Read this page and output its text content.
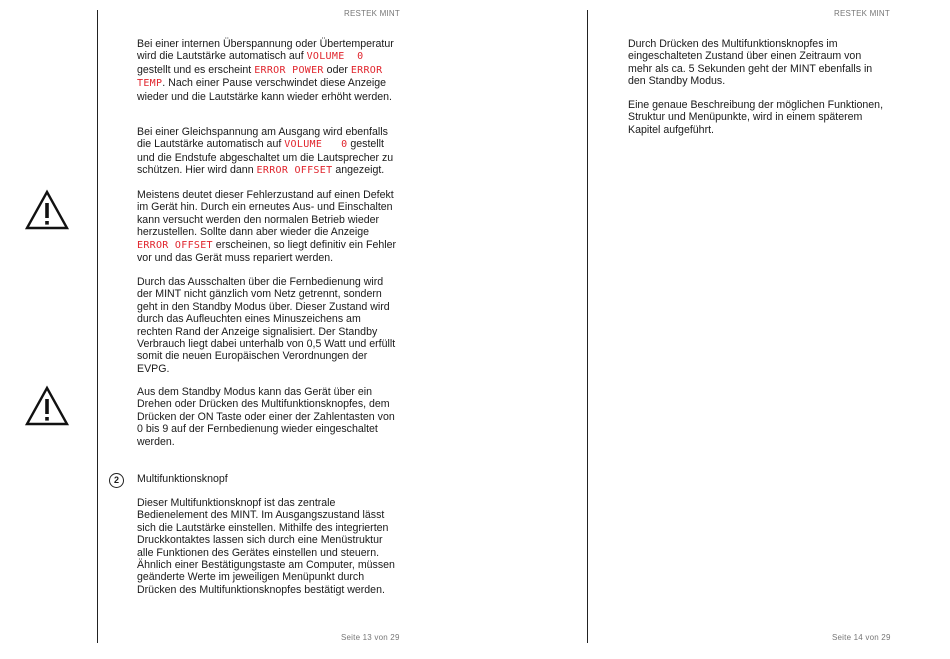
RESTEK MINT
Seite 13 von 29
RESTEK MINT
Seite 14 von 29

Bei einer internen Überspannung oder Übertemperatur wird die Lautstärke automatisch auf VOLUME  0 gestellt und es erscheint ERROR POWER oder ERROR TEMP. Nach einer Pause verschwindet diese Anzeige wieder und die Lautstärke kann wieder erhöht werden.

Bei einer Gleichspannung am Ausgang wird ebenfalls die Lautstärke automatisch auf VOLUME   0 gestellt und die Endstufe abgeschaltet um die Lautsprecher zu schützen. Hier wird dann ERROR OFFSET angezeigt.

Meistens deutet dieser Fehlerzustand auf einen Defekt im Gerät hin. Durch ein erneutes Aus- und Einschalten kann versucht werden den normalen Betrieb wieder herzustellen. Sollte dann aber wieder die Anzeige ERROR OFFSET erscheinen, so liegt definitiv ein Fehler vor und das Gerät muss repariert werden.

Durch das Ausschalten über die Fernbedienung wird der MINT nicht gänzlich vom Netz getrennt, sondern geht in den Standby Modus über. Dieser Zustand wird durch das Aufleuchten eines Minuszeichens am rechten Rand der Anzeige signalisiert. Der Standby Verbrauch liegt dabei unterhalb von 0,5 Watt und erfüllt somit die neuen Europäischen Verordnungen der EVPG.

Aus dem Standby Modus kann das Gerät über ein Drehen oder Drücken des Multifunktionsknopfes, dem Drücken der ON Taste oder einer der Zahlentasten von 0 bis 9 auf der Fernbedienung wieder eingeschaltet werden.

2	Multifunktionsknopf

Dieser Multifunktionsknopf ist das zentrale Bedienelement des MINT. Im Ausgangszustand lässt sich die Lautstärke einstellen. Mithilfe des integrierten Druckkontaktes lassen sich durch eine Menüstruktur alle Funktionen des Gerätes einstellen und steuern. Ähnlich einer Bestätigungstaste am Computer, müssen geänderte Werte im jeweiligen Menüpunkt durch Drücken des Multifunktionsknopfes bestätigt werden.

Durch Drücken des Multifunktionsknopfes im eingeschalteten Zustand über einen Zeitraum von mehr als ca. 5 Sekunden geht der MINT ebenfalls in den Standby Modus.

Eine genaue Beschreibung der möglichen Funktionen, Struktur und Menüpunkte, wird in einem späterem Kapitel aufgeführt.
